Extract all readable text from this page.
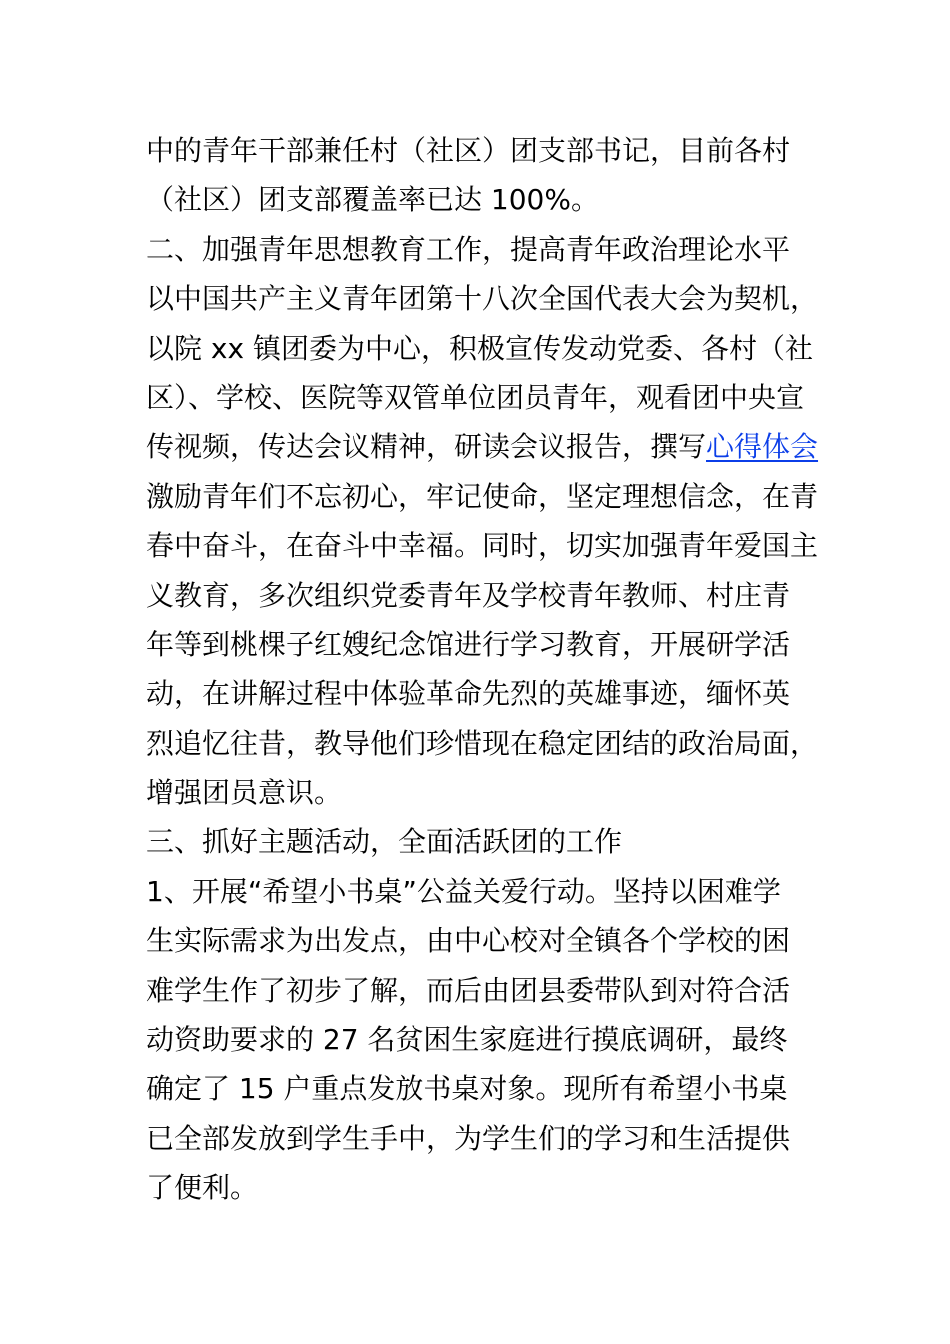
中的青年干部兼任村（社区）团支部书记，目前各村
（社区）团支部覆盖率已达 100%。
二、加强青年思想教育工作，提高青年政治理论水平
以中国共产主义青年团第十八次全国代表大会为契机，
以院 xx 镇团委为中心，积极宣传发动党委、各村（社
区）、学校、医院等双管单位团员青年，观看团中央宣
传视频，传达会议精神，研读会议报告，撰写心得体会
激励青年们不忘初心，牢记使命，坚定理想信念，在青
春中奋斗，在奋斗中幸福。同时，切实加强青年爱国主
义教育，多次组织党委青年及学校青年教师、村庄青
年等到桃棵子红嫂纪念馆进行学习教育，开展研学活
动，在讲解过程中体验革命先烈的英雄事迹，缅怀英
烈追忆往昔，教导他们珍惜现在稳定团结的政治局面，
增强团员意识。
三、抓好主题活动，全面活跃团的工作
1、开展“希望小书桌”公益关爱行动。坚持以困难学
生实际需求为出发点，由中心校对全镇各个学校的困
难学生作了初步了解，而后由团县委带队到对符合活
动资助要求的 27 名贫困生家庭进行摸底调研，最终
确定了 15 户重点发放书桌对象。现所有希望小书桌
已全部发放到学生手中，为学生们的学习和生活提供
了便利。
